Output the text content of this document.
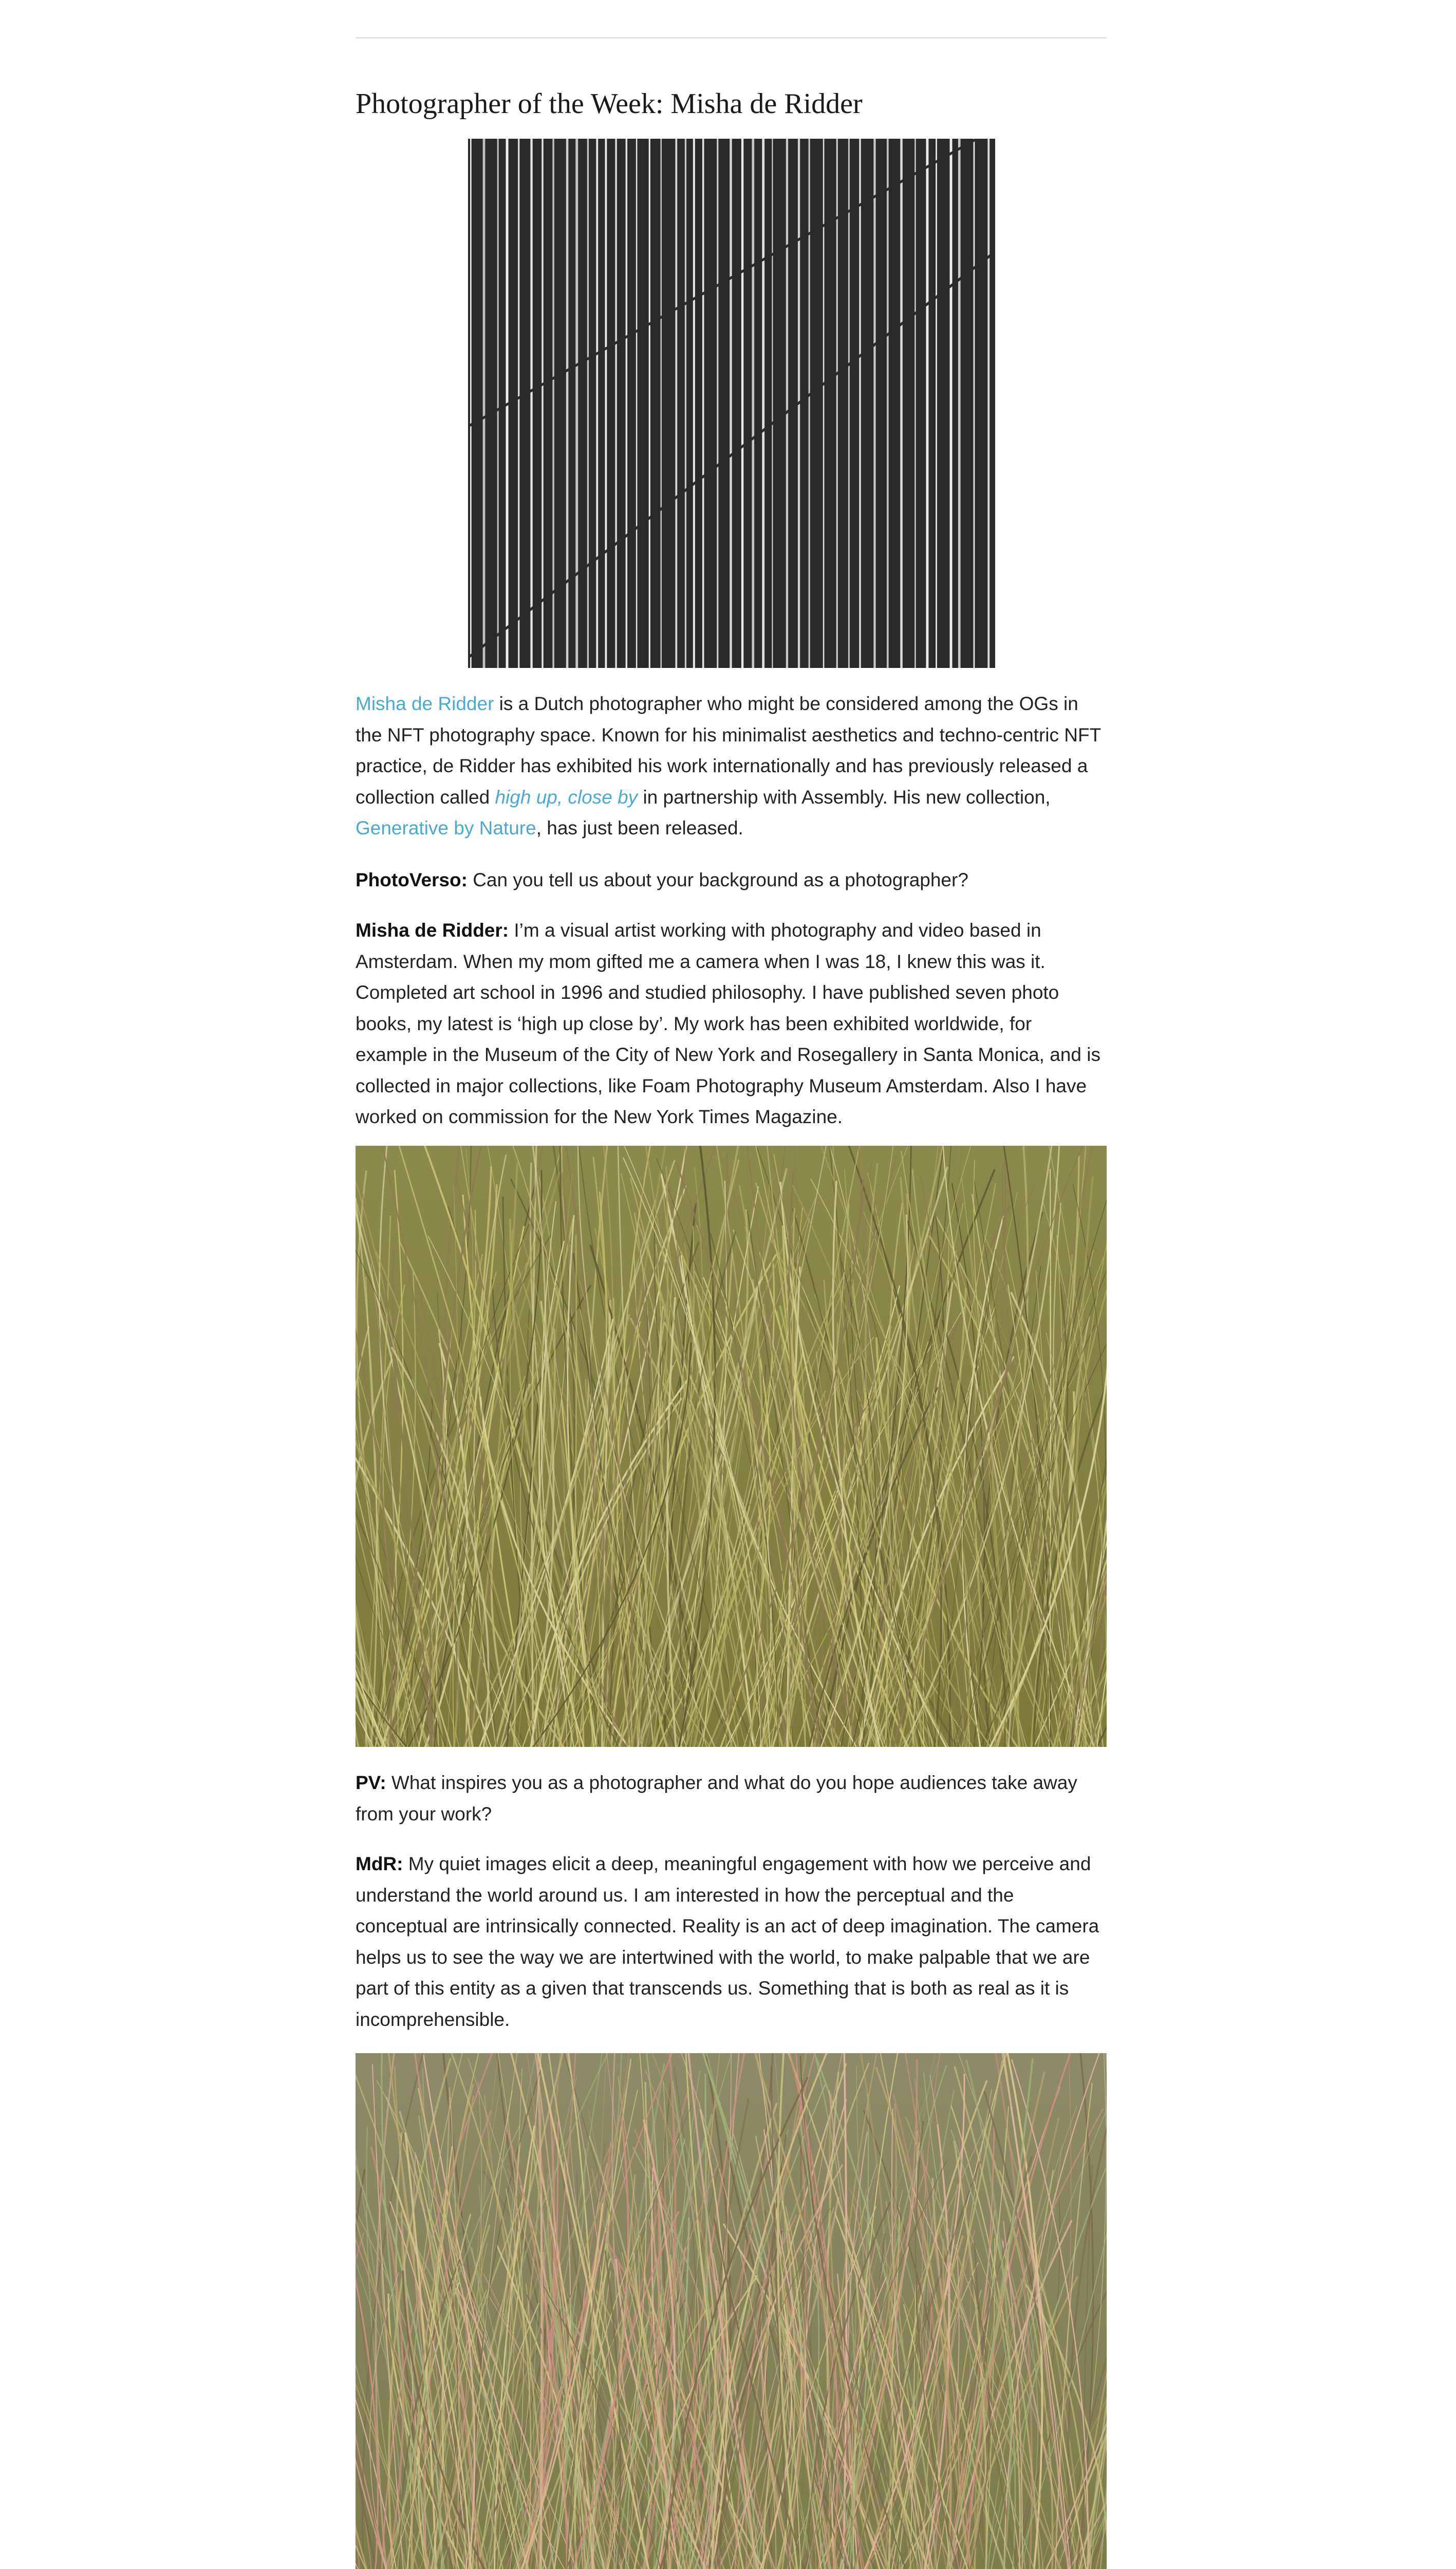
Photographer of the Week: Misha de Ridder

Misha de Ridder is a Dutch photographer who might be considered among the OGs in the NFT photography space. Known for his minimalist aesthetics and techno-centric NFT practice, de Ridder has exhibited his work internationally and has previously released a collection called high up, close by in partnership with Assembly. His new collection, Generative by Nature, has just been released.

PhotoVerso: Can you tell us about your background as a photographer?

Misha de Ridder: I’m a visual artist working with photography and video based in Amsterdam. When my mom gifted me a camera when I was 18, I knew this was it. Completed art school in 1996 and studied philosophy. I have published seven photo books, my latest is ‘high up close by’. My work has been exhibited worldwide, for example in the Museum of the City of New York and Rosegallery in Santa Monica, and is collected in major collections, like Foam Photography Museum Amsterdam. Also I have worked on commission for the New York Times Magazine.

PV: What inspires you as a photographer and what do you hope audiences take away from your work?

MdR: My quiet images elicit a deep, meaningful engagement with how we perceive and understand the world around us. I am interested in how the perceptual and the conceptual are intrinsically connected. Reality is an act of deep imagination. The camera helps us to see the way we are intertwined with the world, to make palpable that we are part of this entity as a given that transcends us. Something that is both as real as it is incomprehensible.
